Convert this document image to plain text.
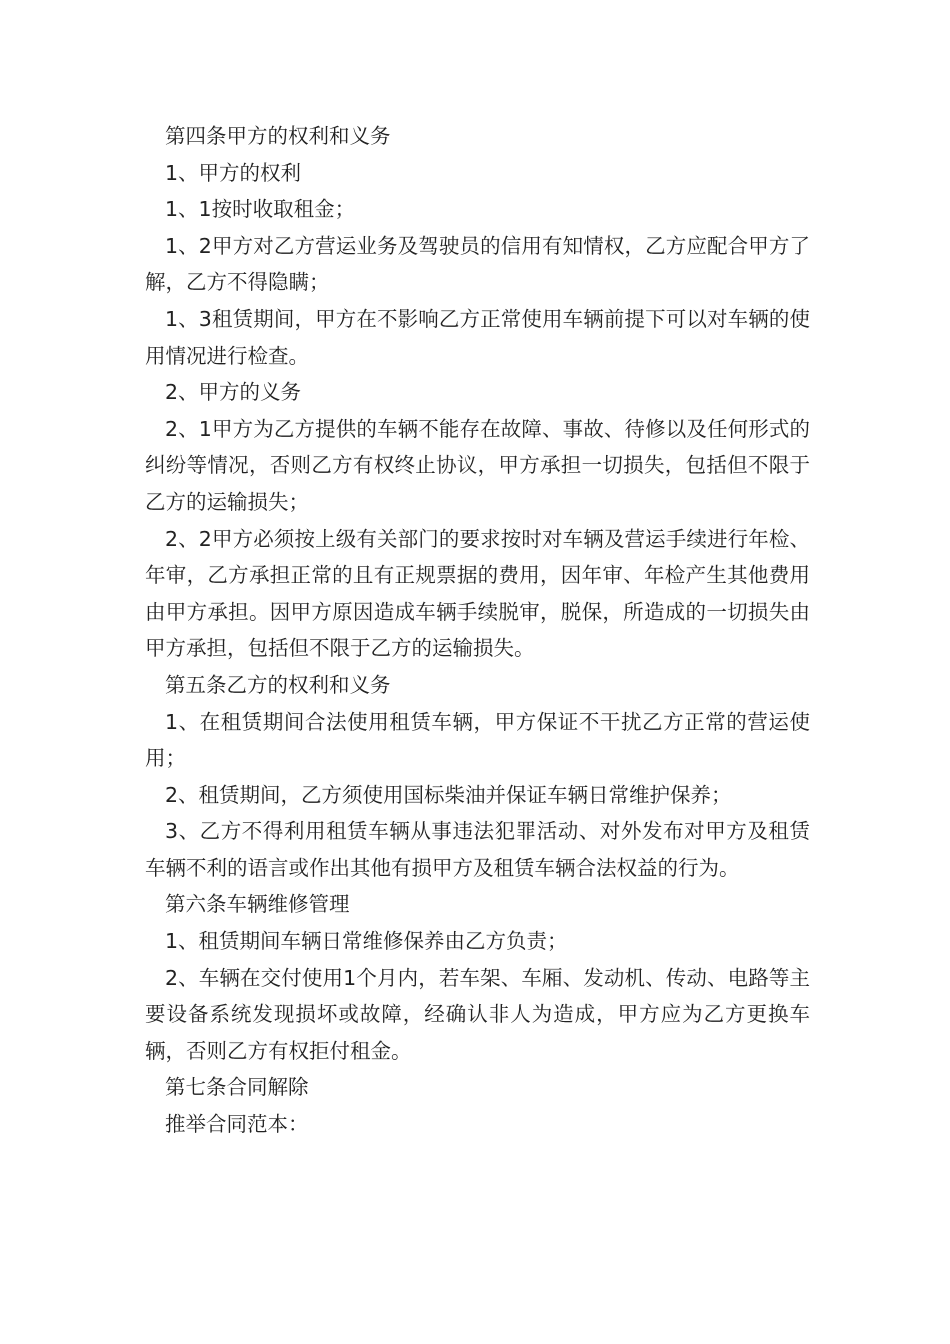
第四条甲方的权利和义务

1、甲方的权利

1、1按时收取租金；

1、2甲方对乙方营运业务及驾驶员的信用有知情权，乙方应配合甲方了解，乙方不得隐瞒；

1、3租赁期间，甲方在不影响乙方正常使用车辆前提下可以对车辆的使用情况进行检查。

2、甲方的义务

2、1甲方为乙方提供的车辆不能存在故障、事故、待修以及任何形式的纠纷等情况，否则乙方有权终止协议，甲方承担一切损失，包括但不限于乙方的运输损失；

2、2甲方必须按上级有关部门的要求按时对车辆及营运手续进行年检、年审，乙方承担正常的且有正规票据的费用，因年审、年检产生其他费用由甲方承担。因甲方原因造成车辆手续脱审，脱保，所造成的一切损失由甲方承担，包括但不限于乙方的运输损失。

第五条乙方的权利和义务

1、在租赁期间合法使用租赁车辆，甲方保证不干扰乙方正常的营运使用；

2、租赁期间，乙方须使用国标柴油并保证车辆日常维护保养；

3、乙方不得利用租赁车辆从事违法犯罪活动、对外发布对甲方及租赁车辆不利的语言或作出其他有损甲方及租赁车辆合法权益的行为。

第六条车辆维修管理

1、租赁期间车辆日常维修保养由乙方负责；

2、车辆在交付使用1个月内，若车架、车厢、发动机、传动、电路等主要设备系统发现损坏或故障，经确认非人为造成，甲方应为乙方更换车辆，否则乙方有权拒付租金。

第七条合同解除

推举合同范本：
